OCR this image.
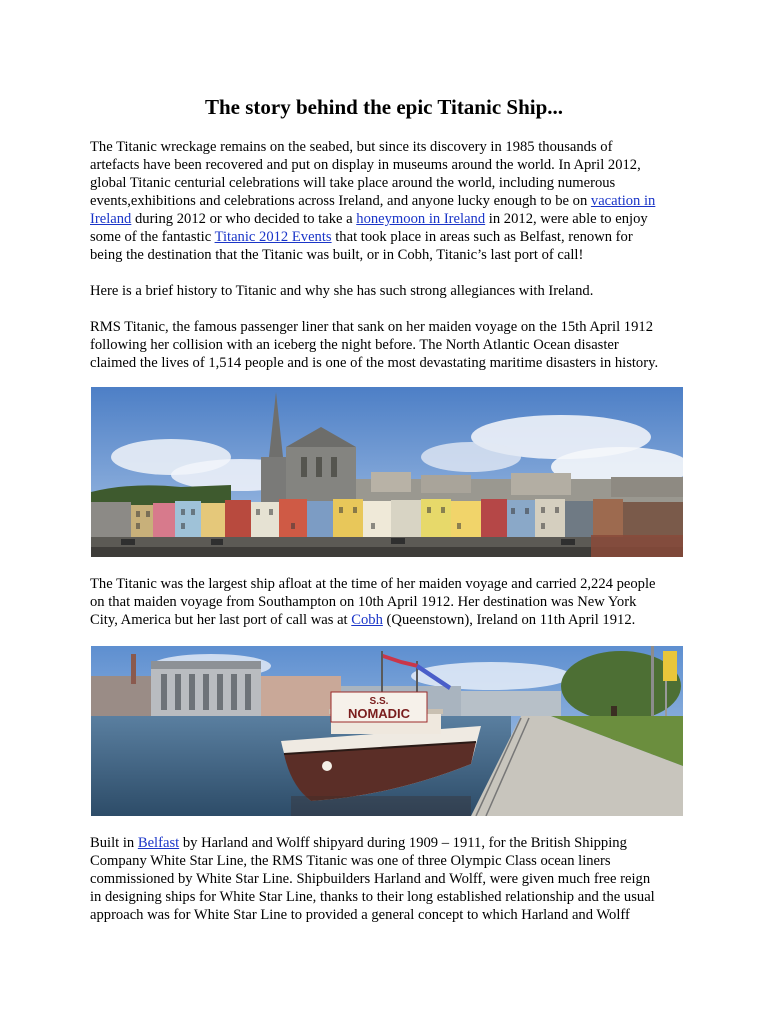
The story behind the epic Titanic Ship...
The Titanic wreckage remains on the seabed, but since its discovery in 1985 thousands of
artefacts have been recovered and put on display in museums around the world. In April 2012,
global Titanic centurial celebrations will take place around the world, including numerous
events,exhibitions and celebrations across Ireland, and anyone lucky enough to be on vacation in
Ireland during 2012 or who decided to take a honeymoon in Ireland in 2012, were able to enjoy
some of the fantastic Titanic 2012 Events that took place in areas such as Belfast, renown for
being the destination that the Titanic was built, or in Cobh, Titanic’s last port of call!
Here is a brief history to Titanic and why she has such strong allegiances with Ireland.
RMS Titanic, the famous passenger liner that sank on her maiden voyage on the 15th April 1912
following her collision with an iceberg the night before. The North Atlantic Ocean disaster
claimed the lives of 1,514 people and is one of the most devastating maritime disasters in history.
The Titanic was the largest ship afloat at the time of her maiden voyage and carried 2,224 people
on that maiden voyage from Southampton on 10th April 1912. Her destination was New York
City, America but her last port of call was at Cobh (Queenstown), Ireland on 11th April 1912.
S.S.
NOMADIC
Built in Belfast by Harland and Wolff shipyard during 1909 – 1911, for the British Shipping
Company White Star Line, the RMS Titanic was one of three Olympic Class ocean liners
commissioned by White Star Line. Shipbuilders Harland and Wolff, were given much free reign
in designing ships for White Star Line, thanks to their long established relationship and the usual
approach was for White Star Line to provided a general concept to which Harland and Wolff
